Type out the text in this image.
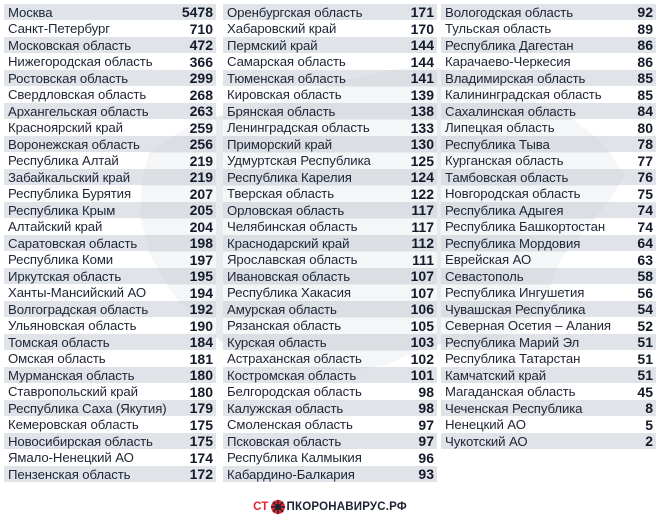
Москва	5478
Санкт-Петербург	710
Московская область	472
Нижегородская область	366
Ростовская область	299
Свердловская область	268
Архангельская область	263
Красноярский край	259
Воронежская область	256
Республика Алтай	219
Забайкальский край	219
Республика Бурятия	207
Республика Крым	205
Алтайский край	204
Саратовская область	198
Республика Коми	197
Иркутская область	195
Ханты-Мансийский АО	194
Волгоградская область	192
Ульяновская область	190
Томская область	184
Омская область	181
Мурманская область	180
Ставропольский край	180
Республика Саха (Якутия) 179
Кемеровская область	175
Новосибирская область	175
Ямало-Ненецкий АО	174
Пензенская область	172
Оренбургская область	171
Хабаровский край	170
Пермский край	144
Самарская область	144
Тюменская область	141
Кировская область	139
Брянская область	138
Ленинградская область	133
Приморский край	130
Удмуртская Республика	125
Республика Карелия	124
Тверская область	122
Орловская область	117
Челябинская область	117
Краснодарский край	112
Ярославская область	111
Ивановская область	107
Республика Хакасия	107
Амурская область	106
Рязанская область	105
Курская область	103
Астраханская область	102
Костромская область	101
Белгородская область	98
Калужская область	98
Смоленская область	97
Псковская область	97
Республика Калмыкия	96
Кабардино-Балкария	93
Вологодская область	92
Тульская область	89
Республика Дагестан	86
Карачаево-Черкесия	86
Владимирская область	85
Калининградская область	85
Сахалинская область	84
Липецкая область	80
Республика Тыва	78
Курганская область	77
Тамбовская область	76
Новгородская область	75
Республика Адыгея	74
Республика Башкортостан 74
Республика Мордовия	64
Еврейская АО	63
Севастополь	58
Республика Ингушетия	56
Чувашская Республика	54
Северная Осетия – Алания 52
Республика Марий Эл	51
Республика Татарстан	51
Камчатский край	51
Магаданская область	45
Чеченская Республика	8
Ненецкий АО	5
Чукотский АО	2
СТ ПКОРОНАВИРУС.РФ
